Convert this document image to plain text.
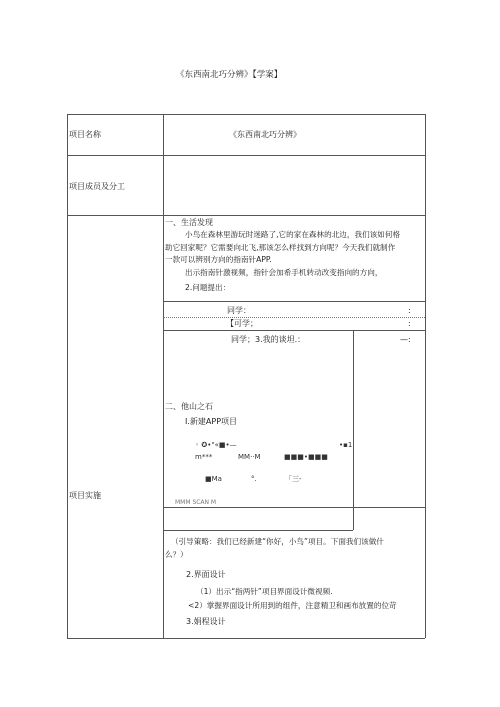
《东西南北巧分辨》【学案】
项目名称	《东西南北巧分辨》
项目成员及分工
项目实施
一、生活发现
小鸟在森林里游玩时迷路了,它的家在森林的北边，我们该如何格
助它回家呢？它需要向北飞,那该怎么样找到方向呢？今天我们就制作
一款可以辨别方向的指南针APP.
出示指南针激视频，指针会加希手机转动改变指向的方向，
2.问题提出：
同学：	:
【可学；	:
同学；3.我的谈坦.：	—:
二、他山之石
I.新建APP项目
◦ ✪•"«■•—	•▪1
m***	MM··M	■■■•■■■
■Ma	°.	「三-
MMM SCAN M
（引导策略：我们已经新建“你好，小鸟”项目。下面我们该做什
么？）
2.界面设计
（1）出示“指两针”项目界面设计微视频.
<2）掌握界面设计所用到的组件，注意精卫和画布放置的位苛
3.娟程设计
